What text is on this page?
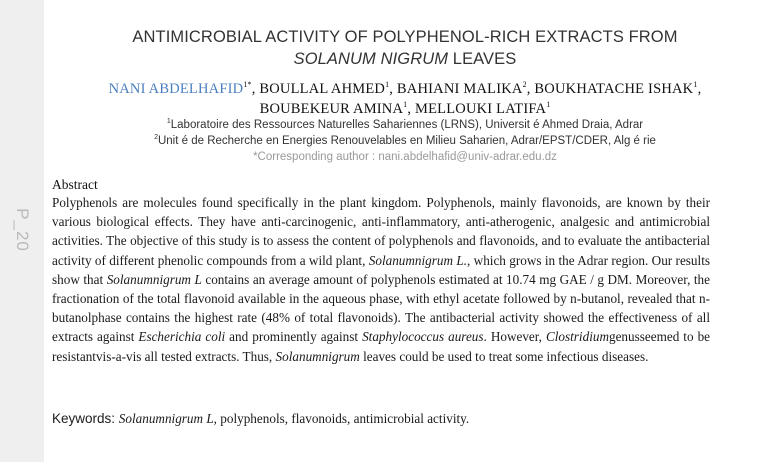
P_20
ANTIMICROBIAL ACTIVITY OF POLYPHENOL-RICH EXTRACTS FROM
SOLANUM NIGRUM LEAVES
NANI $ABDELHAFID^{1*}$, BOULLAL AHMED$^1$, BAHIANI MALIKA$^2$, BOUKHATACHE ISHAK$^1$,
BOUBEKEUR AMINA$^1$, MELLOUKI LATIFA$^1$
$^1$Laboratoire des Ressources Naturelles Sahariennes (LRNS), Universit é Ahmed Draia, Adrar
$^2$Unit é de Recherche en Energies Renouvelables en Milieu Saharien, Adrar/EPST/CDER, Alg é rie
*Corresponding author : nani.abdelhafid@univ-adrar.edu.dz
Abstract
Polyphenols are molecules found specifically in the plant kingdom. Polyphenols, mainly flavonoids, are known by their various biological effects. They have anti-carcinogenic, anti-inflammatory, anti-atherogenic, analgesic and antimicrobial activities. The objective of this study is to assess the content of polyphenols and flavonoids, and to evaluate the antibacterial activity of different phenolic compounds from a wild plant, Solanumnigrum L., which grows in the Adrar region. Our results show that Solanumnigrum L contains an average amount of polyphenols estimated at 10.74 mg GAE / g DM. Moreover, the fractionation of the total flavonoid available in the aqueous phase, with ethyl acetate followed by n-butanol, revealed that n-butanolphase contains the highest rate (48% of total flavonoids). The antibacterial activity showed the effectiveness of all extracts against Escherichia coli and prominently against Staphylococcus aureus. However, Clostridiumgenusseemed to be resistantvis-a-vis all tested extracts. Thus, Solanumnigrum leaves could be used to treat some infectious diseases.
Keywords: Solanumnigrum L, polyphenols, flavonoids, antimicrobial activity.
